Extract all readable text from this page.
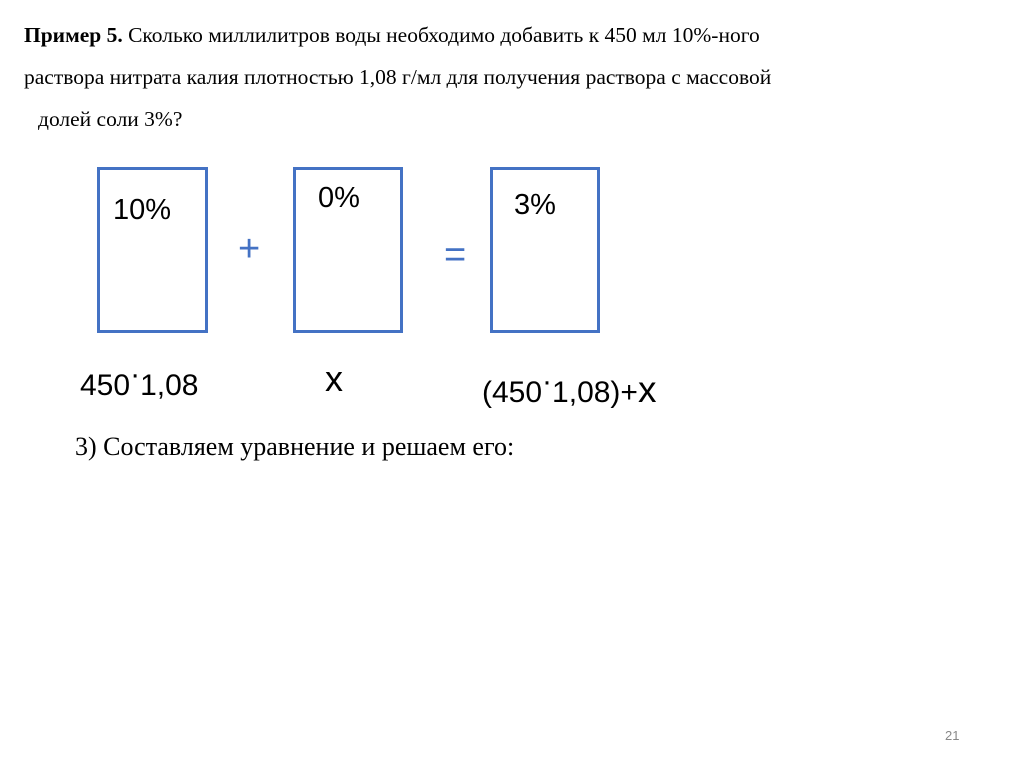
Пример 5. Сколько миллилитров воды необходимо добавить к 450 мл 10%-ного
раствора нитрата калия плотностью 1,08 г/мл для получения раствора с массовой
долей соли 3%?
10%	0%	3%
+	=
450·1,08	x	(450·1,08)+x
3) Составляем уравнение и решаем его:
21
